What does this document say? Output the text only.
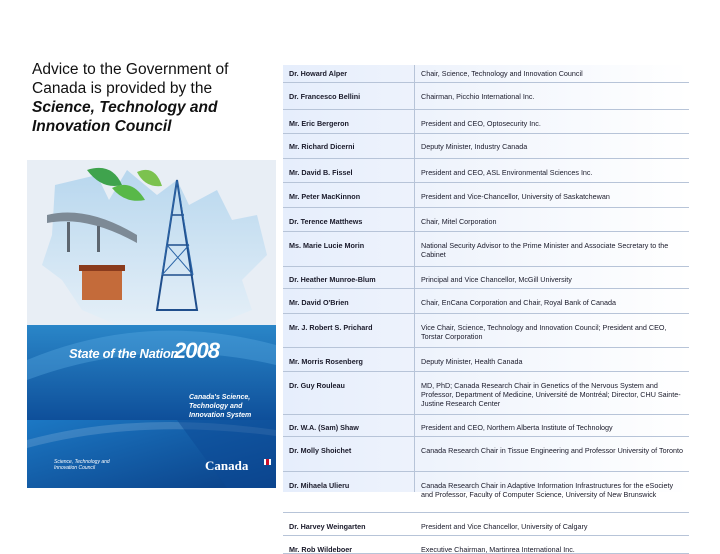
Advice to the Government of Canada is provided by the
Science, Technology and Innovation Council
State of the Nation
2008
Canada's Science, Technology and Innovation System
Science, Technology and Innovation Council	Canada
Dr. Howard Alper	Chair, Science, Technology and Innovation Council
Dr. Francesco Bellini	Chairman, Picchio International Inc.
Mr. Eric Bergeron	President and CEO, Optosecurity Inc.
Mr. Richard Dicerni	Deputy Minister, Industry Canada
Mr. David B. Fissel	President and CEO, ASL Environmental Sciences Inc.
Mr. Peter MacKinnon	President and Vice-Chancellor, University of Saskatchewan
Dr. Terence Matthews	Chair, Mitel Corporation
Ms. Marie Lucie Morin	National Security Advisor to the Prime Minister and Associate Secretary to the Cabinet
Dr. Heather Munroe-Blum	Principal and Vice Chancellor, McGill University
Mr. David O'Brien	Chair, EnCana Corporation and Chair, Royal Bank of Canada
Mr. J. Robert S. Prichard	Vice Chair, Science, Technology and Innovation Council; President and CEO, Torstar Corporation
Mr. Morris Rosenberg	Deputy Minister, Health Canada
Dr. Guy Rouleau	MD, PhD; Canada Research Chair in Genetics of the Nervous System and Professor, Department of Medicine, Université de Montréal; Director, CHU Sainte-Justine Research Center
Dr. W.A. (Sam) Shaw	President and CEO, Northern Alberta Institute of Technology
Dr. Molly Shoichet	Canada Research Chair in Tissue Engineering and Professor University of Toronto
Dr. Mihaela Ulieru	Canada Research Chair in Adaptive Information Infrastructures for the eSociety and Professor, Faculty of Computer Science, University of New Brunswick
Dr. Harvey Weingarten	President and Vice Chancellor, University of Calgary
Mr. Rob Wildeboer	Executive Chairman, Martinrea International Inc.
